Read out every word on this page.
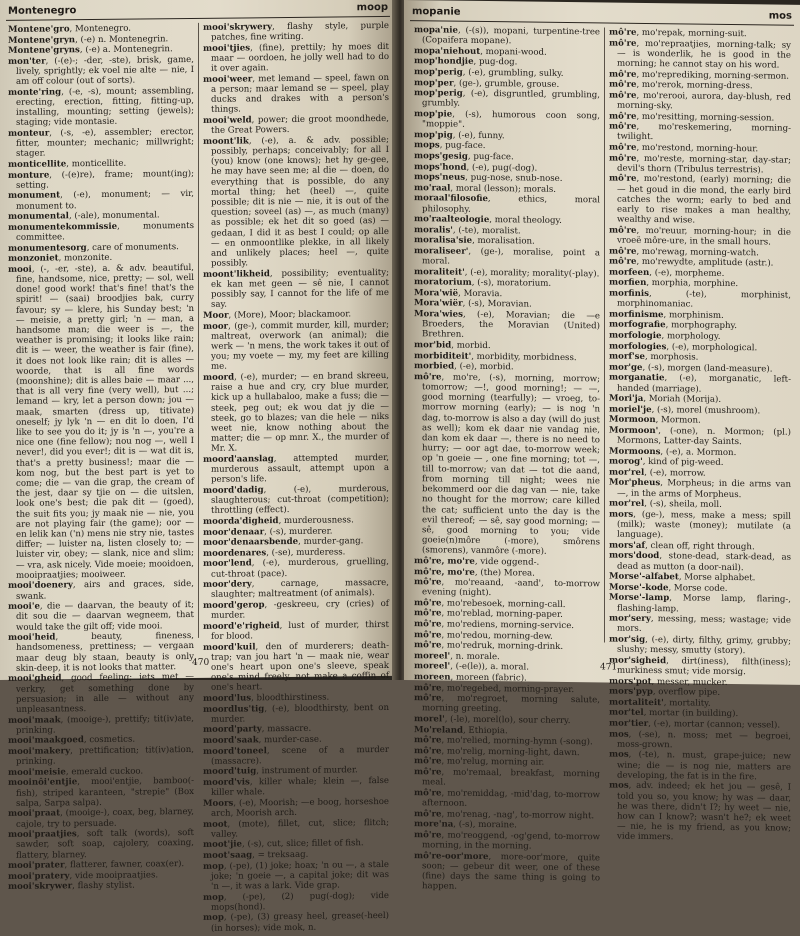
Montenegro	moop

Montene'gro, Montenegro.

Montene'gryn, (-e) n. Montenegrin.

Montene'gryns, (-e) a. Montenegrin.

mon'ter, (-(e)-; -der, -ste), brisk, game, lively, sprightly; ek voel nie alte — nie, I am off colour (out of sorts).

monte'ring, (-e, -s), mount; assembling, erecting, erection, fitting, fitting-up, installing, mounting; setting (jewels); staging; vide montasie.

monteur, (-s, -e), assembler; erector, fitter, mounter; mechanic; millwright; stager.

monticellite, monticellite.

monture, (-(e)re), frame; mount(ing); setting.

monument, (-e), monument; — vir, monument to.

monumental, (-ale), monumental.

monumentekommissie, monuments committee.

monumentesorg, care of monuments.

monzoniet, monzonite.

mooi, (-, -er, -ste), a. & adv. beautiful, fine, handsome, nice, pretty; — sol, well done! good work! that's fine! that's the spirit! — (saai) broodjies bak, curry favour; sy — klere, his Sunday best; 'n — meisie, a pretty girl; 'n — man, a handsome man; die weer is —, the weather is promising; it looks like rain; dit is — weer, the weather is fair (fine), it does not look like rain; dit is alles — woorde, that is all fine words (moonshine); dit is alles baie — maar ..., that is all very fine (very well), but ...; lemand — kry, let a person down; jou — maak, smarten (dress up, titivate) oneself; jy lyk 'n — en dit lo doen, I'd like to see you do it; jy is 'n —, you're a nice one (fine fellow); nou nog —, well I never!, did you ever!; dit is — wat dit is, that's a pretty business!; maar die — kom nog, but the best part is yet to come; die — van die grap, the cream of the jest, daar sy tjie on — die uitslen, look one's best; die pak dit — (goed), the suit fits you; jy maak nie — nie, you are not playing fair (the game); oor — en lelik kan ('n) mens nie stry nie, tastes differ; — luister na, listen closely to; — luister vir, obey; — slank, nice and slim; — vra, ask nicely. Vide moeie; mooidoen, mooipraatjies; mooiweer.

mooi'doenery, airs and graces, side, swank.

mooi'e, die — daarvan, the beauty of it; dit sou die — daarvan wegneem, that would take the gilt off; vide mooi.

mooi'heid, beauty, fineness, handsomeness, prettiness; — vergaan maar deug bly staan, beauty is only skin-deep, it is not looks that matter.

mooi'gheid, good feeling; iets met — verkry, get something done by persuasion; in alle — without any unpleasantness.

mooi'maak, (mooige-), prettify; tit(iv)ate, prinking.

mooi'maakgoed, cosmetics.

mooi'makery, prettification; tit(iv)ation, prinking.

mooi'meisie, emerald cuckoo.

mooinôi'entjie, mooi'entjie, bamboo(-fish), striped karanteen, "strepie" (Box salpa, Sarpa salpa).

mooi'praat, (mooige-), coax, beg, blarney, cajole, try to persuade.

mooi'praatjies, soft talk (words), soft sawder, soft soap, cajolery, coaxing, flattery, blarney.

mooi'prater, flatterer, fawner, coax(er).

mooi'pratery, vide mooipraatjies.

mooi'skrywer, flashy stylist.

mooi'skrywery, flashy style, purple patches, fine writing.

mooi'tjies, (fine), prettily; hy moes dit maar — oordoen, he jolly well had to do it over again.

mooi'weer, met lemand — speel, fawn on a person; maar lemand se — speel, play ducks and drakes with a person's things.

mooi'weld, power; die groot moondhede, the Great Powers.

moont'lik, (-e), a. & adv. possible; possibly, perhaps; conceivably; for all I (you) know (one knows); het hy ge-gee, he may have seen me; al die — doen, do everything that is possible, do any mortal thing; het (heel) —, quite possible; dit is nie — nie, it is out of the question; soveel (as) —, as much (many) as possible; ek het dit so goed (as) — gedaan, I did it as best I could; op alle — en onmoontlike plekke, in all likely and unlikely places; heel —, quite possibly.

moont'likheid, possibility; eventuality; ek kan met geen — sê nie, I cannot possibly say, I cannot for the life of me say.

Moor, (More), Moor; blackamoor.

moor, (ge-), commit murder, kill, murder; maltreat, overwork (an animal); die werk — 'n mens, the work takes it out of you; my voete — my, my feet are killing me.

moord, (-e), murder; — en brand skreeu, raise a hue and cry, cry blue murder, kick up a hullabaloo, make a fuss; die — steek, peg out; ek wou dat jy die — steek, go to blazes; van die hele — niks weet nie, know nothing about the matter; die — op mnr. X., the murder of Mr. X.

moord'aanslag, attempted murder, murderous assault, attempt upon a person's life.

moord'dadig, (-e), murderous, slaughterous; cut-throat (competition); throttling (effect).

moorda'digheid, murderousness.

moor'denaar, (-s), murderer.

moor'denaarsbende, murder-gang.

moordenares, (-se), murderess.

moor'lend, (-e), murderous, gruelling, cut-throat (pace).

moor'dery, carnage, massacre, slaughter; maltreatment (of animals).

moord'gerop, -geskreeu, cry (cries) of murder.

moord'e'righeid, lust of murder, thirst for blood.

moord'kuil, den of murderers; death-trap; van jou hart 'n — maak nie, wear one's heart upon one's sleeve, speak one's mind freely, not make a coffin of one's heart.

moord'lus, bloodthirstiness.

moordlus'tig, (-e), bloodthirsty, bent on murder.

moord'party, massacre.

moord'saak, murder-case.

moord'toneel, scene of a murder (massacre).

moord'tuig, instrument of murder.

moord'vis, killer whale; klein —, false killer whale.

Moors, (-e), Moorish; —e boog, horseshoe arch, Moorish arch.

moot, (mote), fillet, cut, slice; flitch; valley.

moot'jie, (-s), cut, slice; fillet of fish.

moot'saag, = treksaag.

mop, (-pe), (1) joke; hoax; 'n ou —, a stale joke; 'n goeie —, a capital joke; dit was 'n —, it was a lark. Vide grap.

mop, (-pe), (2) pug(-dog); vide mops(hond).

mop, (-pe), (3) greasy heel, grease(-heel) (in horses); vide mok, n.

470
mopanie	mos

mopa'nie, (-(s)), mopani, turpentine-tree (Copaifera mopane).

mopa'niehout, mopani-wood.

mop'hondjie, pug-dog.

mop'perig, (-e), grumbling, sulky.

mop'per, (ge-), grumble, grouse.

mop'perig, (-e), disgruntled, grumbling, grumbly.

mop'pie, (-s), humorous coon song, "moppie".

mop'pig, (-e), funny.

mops, pug-face.

mops'gesig, pug-face.

mops'hond, (-e), pug(-dog).

mops'neus, pug-nose, snub-nose.

mo'raal, moral (lesson); morals.

moraal'filosofie, ethics, moral philosophy.

mo'raalteologie, moral theology.

moralis', (-te), moralist.

moralisa'sie, moralisation.

moraliseer', (ge-), moralise, point a moral.

moraliteit', (-e), morality; morality(-play).

moratorium, (-s), moratorium.

Mora'wië, Moravia.

Mora'wiër, (-s), Moravian.

Mora'wies, (-e), Moravian; die —e Broeders, the Moravian (United) Brethren.

mor'bid, morbid.

morbiditeit', morbidity, morbidness.

morbied, (-e), morbid.

mô're, mo're, (-s), morning, morrow; tomorrow; —!, good morning!; — —, good morning (tearfully); — vroeg, to-morrow morning (early); — is nog 'n dag, to-morrow is also a day (will do just as well); kom ek daar nie vandag nie, dan kom ek daar —, there is no need to hurry; — oor agt dae, to-morrow week; op 'n goeie — , one fine morning; tot —, till to-morrow; van dat — tot die aand, from morning till night; wees nie bekommerd oor die dag van — nie, take no thought for the morrow; care killed the cat; sufficient unto the day is the evil thereof; — sê, say good morning; — sê, good morning to you; vide goeie(n)môre (-more), smôrens (smorens), vanmôre (-more).

mô're, mo're, vide oggend-.

mô're, mo're, (the) Morea.

mô're, mo'reaand, -aand', to-morrow evening (night).

mô're, mo'rebesoek, morning-call.

mô're, mo'reblad, morning-paper.

mô're, mo'rediens, morning-service.

mô're, mo'redou, morning-dew.

mô're, mo'redruk, morning-drink.

moreel', n. morale.

moreel', (-e(le)), a. moral.

moreen, moreen (fabric).

mô're, mo'regebed, morning-prayer.

mô're, mo'regroet, morning salute, morning greeting.

morel', (-le), morel(lo), sour cherry.

Mo'reland, Ethiopia.

mô're, mo'relied, morning-hymn (-song).

mô're, mo'relig, morning-light, dawn.

mô're, mo'relug, morning air.

mô're, mo'remaal, breakfast, morning meal.

mô're, mo'remiddag, -mid'dag, to-morrow afternoon.

mô're, mo'renag, -nag', to-morrow night.

more'na, (-s), moraine.

mô're, mo'reoggend, -og'gend, to-morrow morning, in the morning.

mô're-oor'more, more-oor'more, quite soon; — gebeur dit weer, one of these (fine) days the same thing is going to happen.

mô're, mo'repak, morning-suit.

mô're, mo'repraatjies, morning-talk; sy — is wonderlik, he is good in the morning; he cannot stay on his word.

mô're, mo'reprediking, morning-sermon.

mô're, mo'rerok, morning-dress.

mô're, mo'rerooi, aurora, day-blush, red morning-sky.

mô're, mo'resitting, morning-session.

mô're, mo'reskemering, morning-twilight.

mô're, mo'restond, morning-hour.

mô're, mo'reste, morning-star, day-star; devil's thorn (Tribulus terrestris).

mô're, mo'restond, (early) morning; die — het goud in die mond, the early bird catches the worm; early to bed and early to rise makes a man healthy, wealthy and wise.

mô're, mo'reuur, morning-hour; in die vroeë môre-ure, in the small hours.

mô're, mo'rewag, morning-watch.

mô're, mo'rewydte, amplitude (astr.).

morfeen, (-e), morpheme.

morfien, morphia, morphine.

morfinis, (-te), morphinist, morphinomaniac.

morfinisme, morphinism.

morfografie, morphography.

morfologie, morphology.

morfologies, (-e), morphological.

morf'se, morphosis.

mor'ge, (-s), morgen (land-measure).

morganatie, (-e), morganatic, left-handed (marriage).

Mori'ja, Moriah (Morija).

moriel'je, (-s), morel (mushroom).

Mormoon, Mormon.

Mormoon', (-one), n. Mormon; (pl.) Mormons, Latter-day Saints.

Mormoons, (-e), a. Mormon.

morog', kind of pig-weed.

mor'rel, (-e), morrow.

Mor'pheus, Morpheus; in die arms van —, in the arms of Morpheus.

mor'rel, (-s), sheila, moll.

mors, (ge-), mess, make a mess; spill (milk); waste (money); mutilate (a language).

mors'af, clean off, right through.

mors'dood, stone-dead, stark-dead, as dead as mutton (a door-nail).

Morse'-alfabet, Morse alphabet.

Morse'-kode, Morse code.

Morse'-lamp, Morse lamp, flaring-, flashing-lamp.

mor'sery, messing, mess; wastage; vide mors.

mor'sig, (-e), dirty, filthy, grimy, grubby; slushy; messy, smutty (story).

mor'sigheid, dirt(iness), filth(iness); murkiness smut; vide morsig.

mors'pot, messer, mucker.

mors'pyp, overflow pipe.

mortaliteit', mortality.

mor'tel, mortar (in building).

mor'tier, (-e), mortar (cannon; vessel).

mos, (-se), n. moss; met — begroei, moss-grown.

mos, (-te), n. must, grape-juice; new wine; die — is nog nie, matters are developing, the fat is in the fire.

mos, adv. indeed; ek het jou — gesê, I told you so, you know; hy was — daar, he was there, didn't I?; hy weet — nie, how can I know?; wasn't he?; ek weet — nie, he is my friend, as you know; vide immers.

471
